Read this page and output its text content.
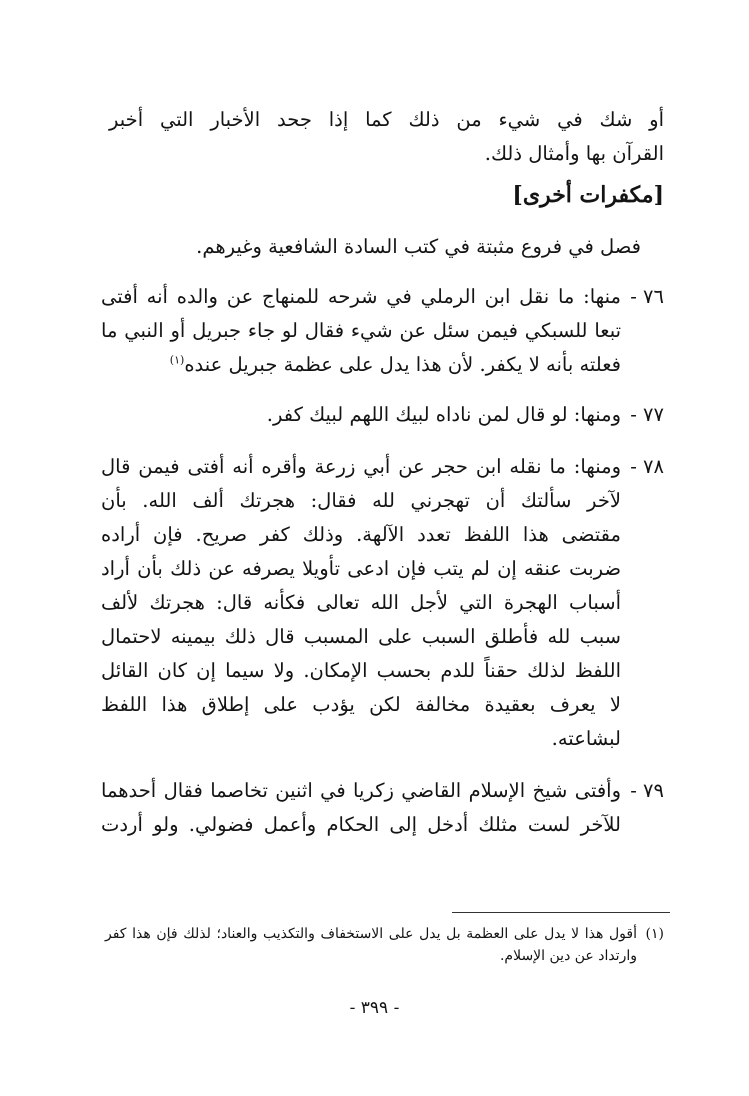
أو شك في شيء من ذلك كما إذا جحد الأخبار التي أخبر
القرآن بها وأمثال ذلك.
[مكفرات أخرى]
فصل في فروع مثبتة في كتب السادة الشافعية وغيرهم.
٧٦ -
منها: ما نقل ابن الرملي في شرحه للمنهاج عن والده أنه أفتى
تبعا للسبكي فيمن سئل عن شيء فقال لو جاء جبريل أو النبي ما
فعلته بأنه لا يكفر. لأن هذا يدل على عظمة جبريل عنده$^{(١)}$
٧٧ -
ومنها: لو قال لمن ناداه لبيك اللهم لبيك كفر.
٧٨ -
ومنها: ما نقله ابن حجر عن أبي زرعة وأقره أنه أفتى فيمن قال
لآخر سألتك أن تهجرني لله فقال: هجرتك ألف الله. بأن
مقتضى هذا اللفظ تعدد الآلهة. وذلك كفر صريح. فإن أراده
ضربت عنقه إن لم يتب فإن ادعى تأويلا يصرفه عن ذلك بأن أراد
أسباب الهجرة التي لأجل الله تعالى فكأنه قال: هجرتك لألف
سبب لله فأطلق السبب على المسبب قال ذلك بيمينه لاحتمال
اللفظ لذلك حقناً للدم بحسب الإمكان. ولا سيما إن كان القائل
لا يعرف بعقيدة مخالفة لكن يؤدب على إطلاق هذا اللفظ
لبشاعته.
٧٩ -
وأفتى شيخ الإسلام القاضي زكريا في اثنين تخاصما فقال أحدهما
للآخر لست مثلك أدخل إلى الحكام وأعمل فضولي. ولو أردت
(١)
أقول هذا لا يدل على العظمة بل يدل على الاستخفاف والتكذيب والعناد؛ لذلك فإن هذا كفر
وارتداد عن دين الإسلام.
- ٣٩٩ -
